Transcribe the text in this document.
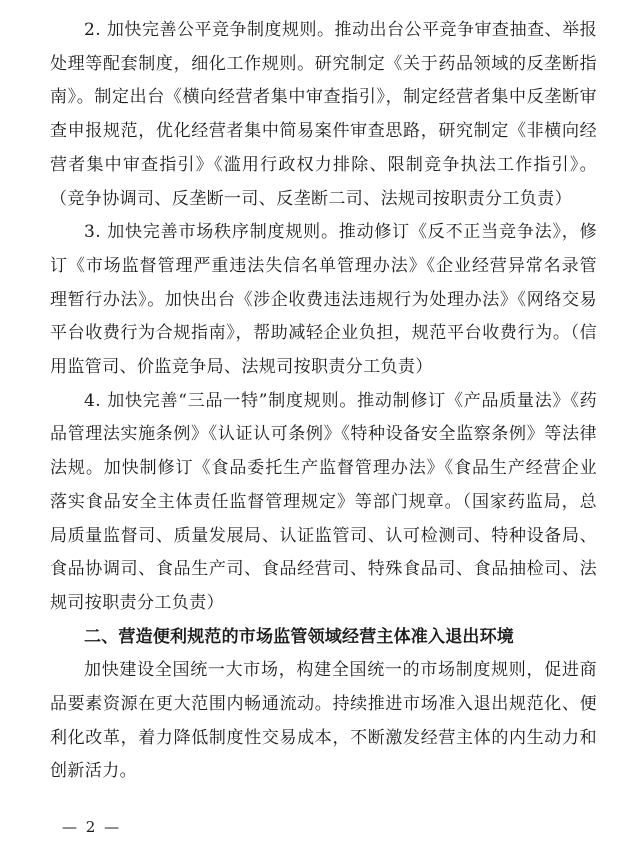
2. 加快完善公平竞争制度规则。推动出台公平竞争审查抽查、举报处理等配套制度，细化工作规则。研究制定《关于药品领域的反垄断指南》。制定出台《横向经营者集中审查指引》，制定经营者集中反垄断审查申报规范，优化经营者集中简易案件审查思路，研究制定《非横向经营者集中审查指引》《滥用行政权力排除、限制竞争执法工作指引》。（竞争协调司、反垄断一司、反垄断二司、法规司按职责分工负责）

3. 加快完善市场秩序制度规则。推动修订《反不正当竞争法》，修订《市场监督管理严重违法失信名单管理办法》《企业经营异常名录管理暂行办法》。加快出台《涉企收费违法违规行为处理办法》《网络交易平台收费行为合规指南》，帮助减轻企业负担，规范平台收费行为。（信用监管司、价监竞争局、法规司按职责分工负责）

4. 加快完善“三品一特”制度规则。推动制修订《产品质量法》《药品管理法实施条例》《认证认可条例》《特种设备安全监察条例》等法律法规。加快制修订《食品委托生产监督管理办法》《食品生产经营企业落实食品安全主体责任监督管理规定》等部门规章。（国家药监局，总局质量监督司、质量发展局、认证监管司、认可检测司、特种设备局、食品协调司、食品生产司、食品经营司、特殊食品司、食品抽检司、法规司按职责分工负责）

二、营造便利规范的市场监管领域经营主体准入退出环境

加快建设全国统一大市场，构建全国统一的市场制度规则，促进商品要素资源在更大范围内畅通流动。持续推进市场准入退出规范化、便利化改革，着力降低制度性交易成本，不断激发经营主体的内生动力和创新活力。

— 2 —
